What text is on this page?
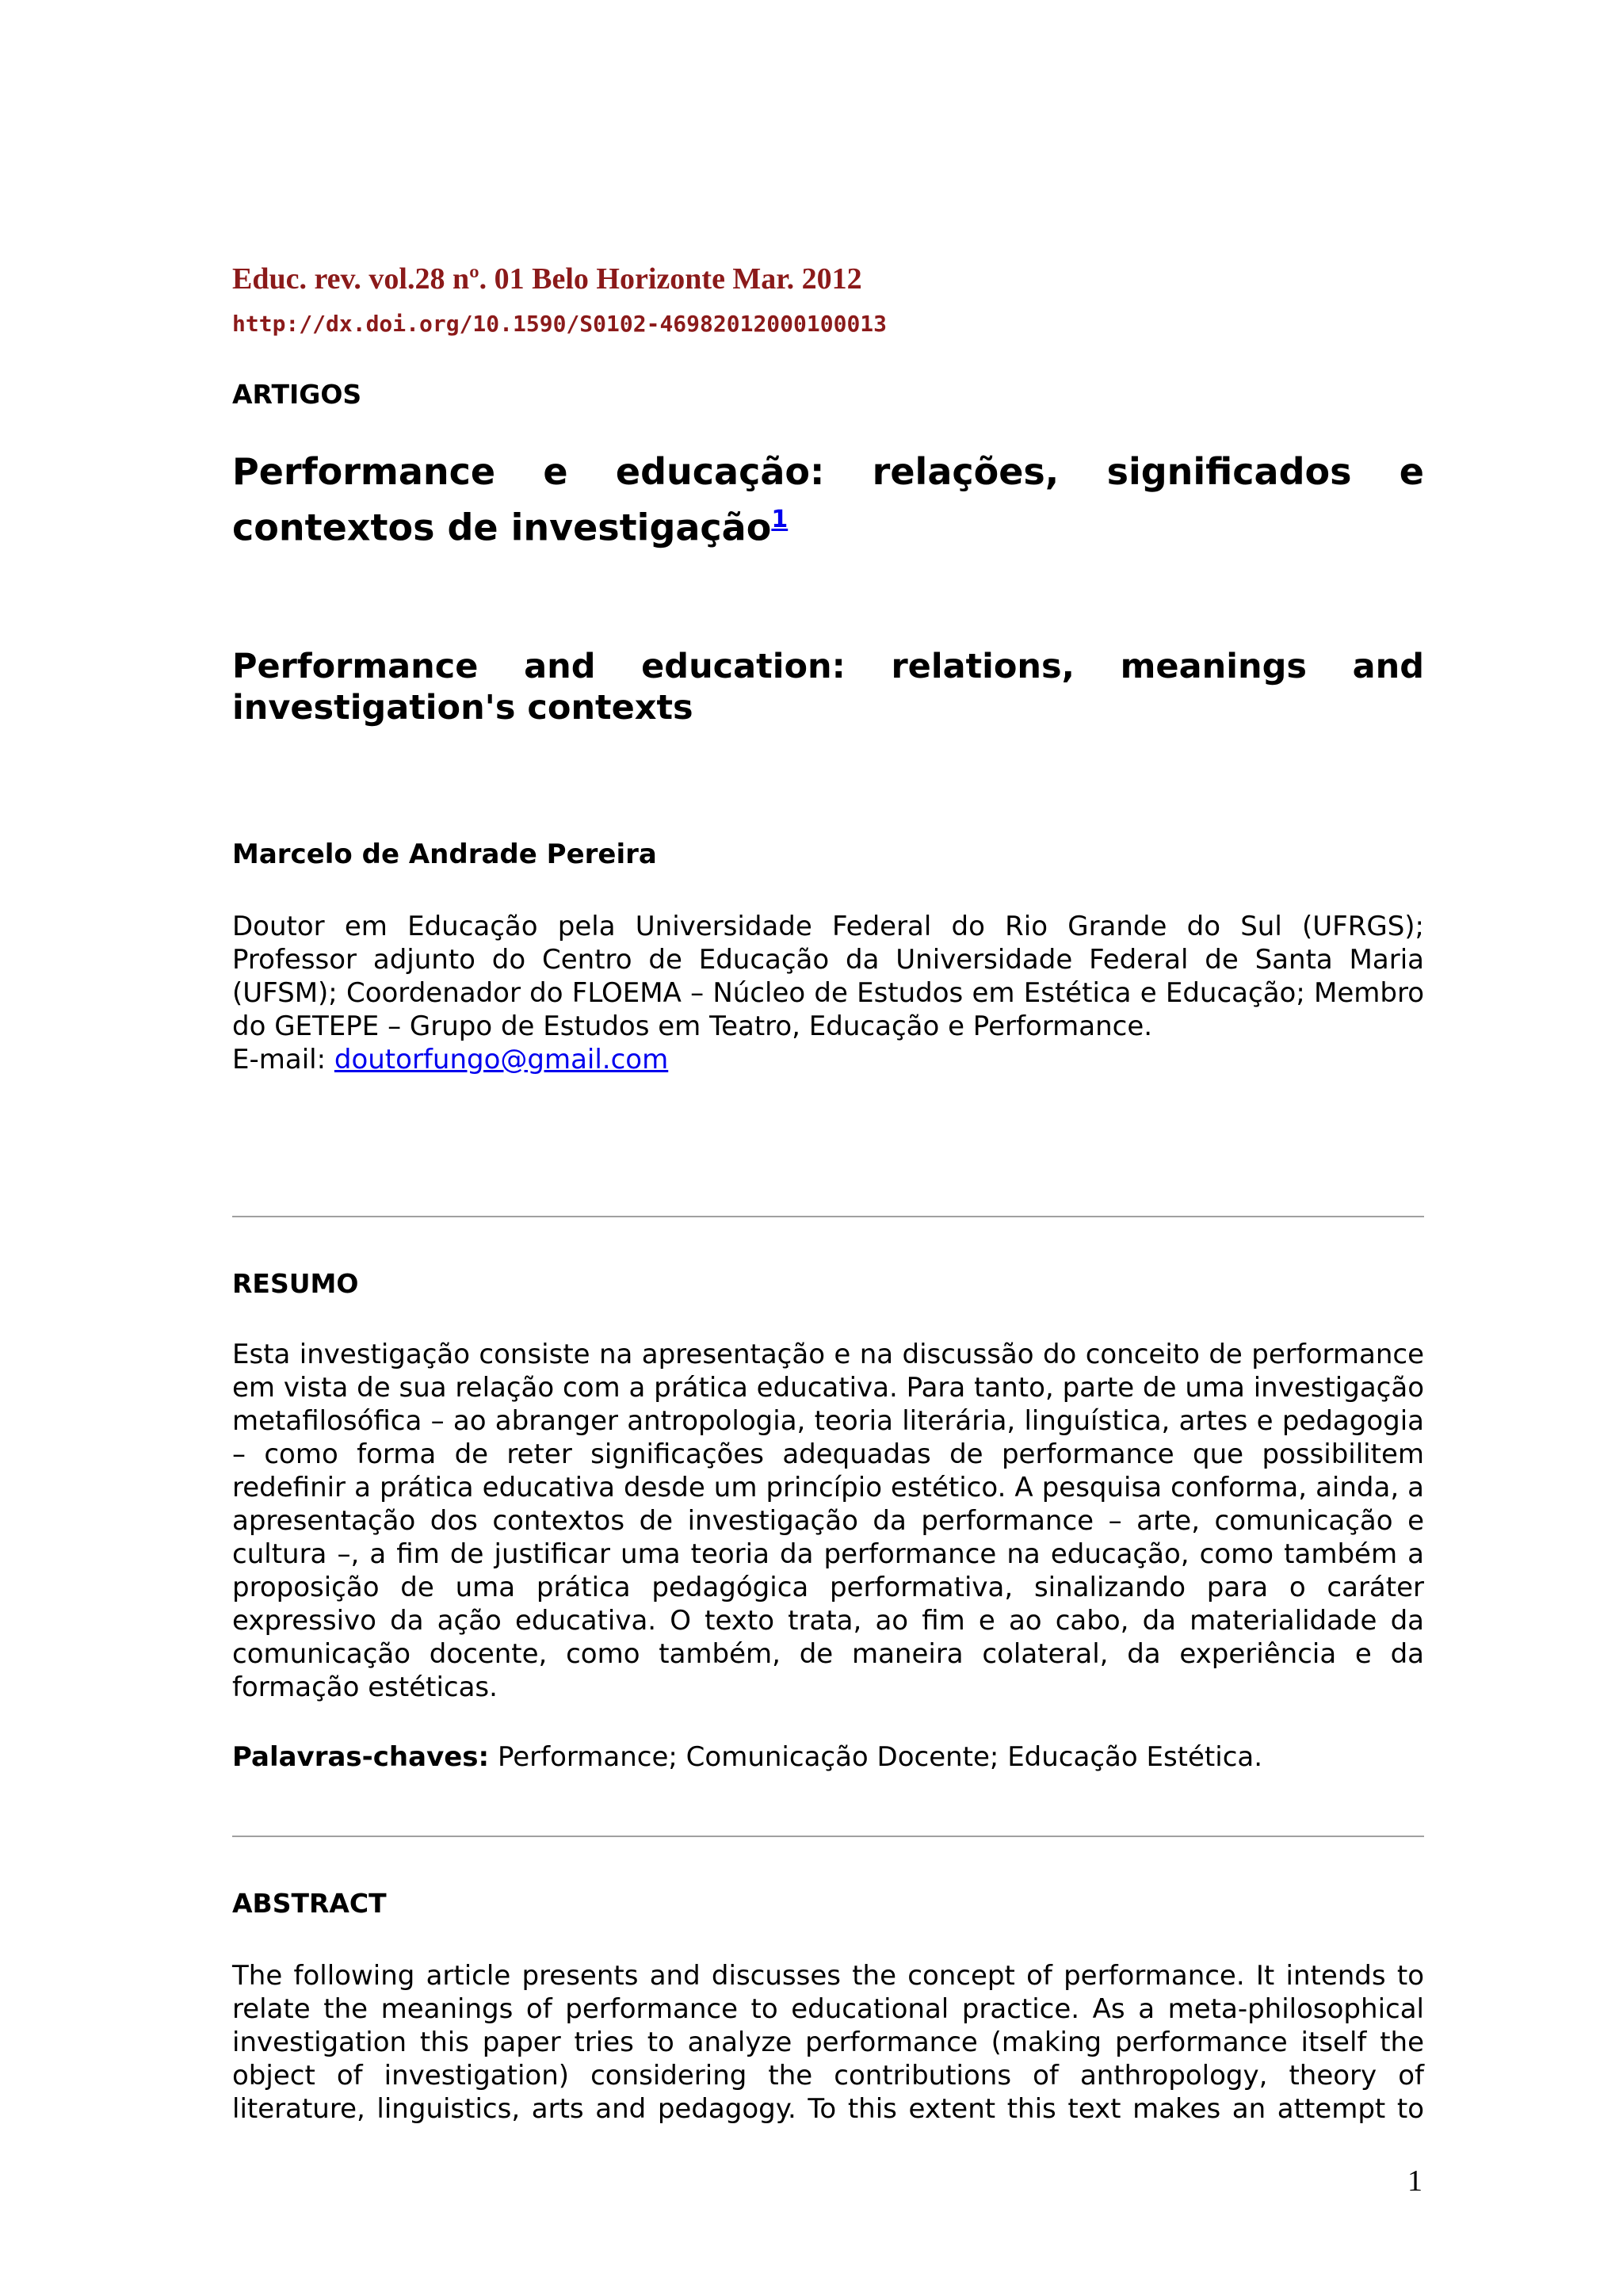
Educ. rev. vol.28 nº. 01 Belo Horizonte Mar. 2012
http://dx.doi.org/10.1590/S0102-46982012000100013
ARTIGOS
Performance e educação: relações, significados e contextos de investigação$^1$
Performance and education: relations, meanings and investigation's contexts
Marcelo de Andrade Pereira
Doutor em Educação pela Universidade Federal do Rio Grande do Sul (UFRGS); Professor adjunto do Centro de Educação da Universidade Federal de Santa Maria (UFSM); Coordenador do FLOEMA – Núcleo de Estudos em Estética e Educação; Membro do GETEPE – Grupo de Estudos em Teatro, Educação e Performance.
E-mail: doutorfungo@gmail.com
RESUMO
Esta investigação consiste na apresentação e na discussão do conceito de performance em vista de sua relação com a prática educativa. Para tanto, parte de uma investigação metafilosófica – ao abranger antropologia, teoria literária, linguística, artes e pedagogia – como forma de reter significações adequadas de performance que possibilitem redefinir a prática educativa desde um princípio estético. A pesquisa conforma, ainda, a apresentação dos contextos de investigação da performance – arte, comunicação e cultura –, a fim de justificar uma teoria da performance na educação, como também a proposição de uma prática pedagógica performativa, sinalizando para o caráter expressivo da ação educativa. O texto trata, ao fim e ao cabo, da materialidade da comunicação docente, como também, de maneira colateral, da experiência e da formação estéticas.
Palavras-chaves: Performance; Comunicação Docente; Educação Estética.
ABSTRACT
The following article presents and discusses the concept of performance. It intends to relate the meanings of performance to educational practice. As a meta-philosophical investigation this paper tries to analyze performance (making performance itself the object of investigation) considering the contributions of anthropology, theory of literature, linguistics, arts and pedagogy. To this extent this text makes an attempt to
1
